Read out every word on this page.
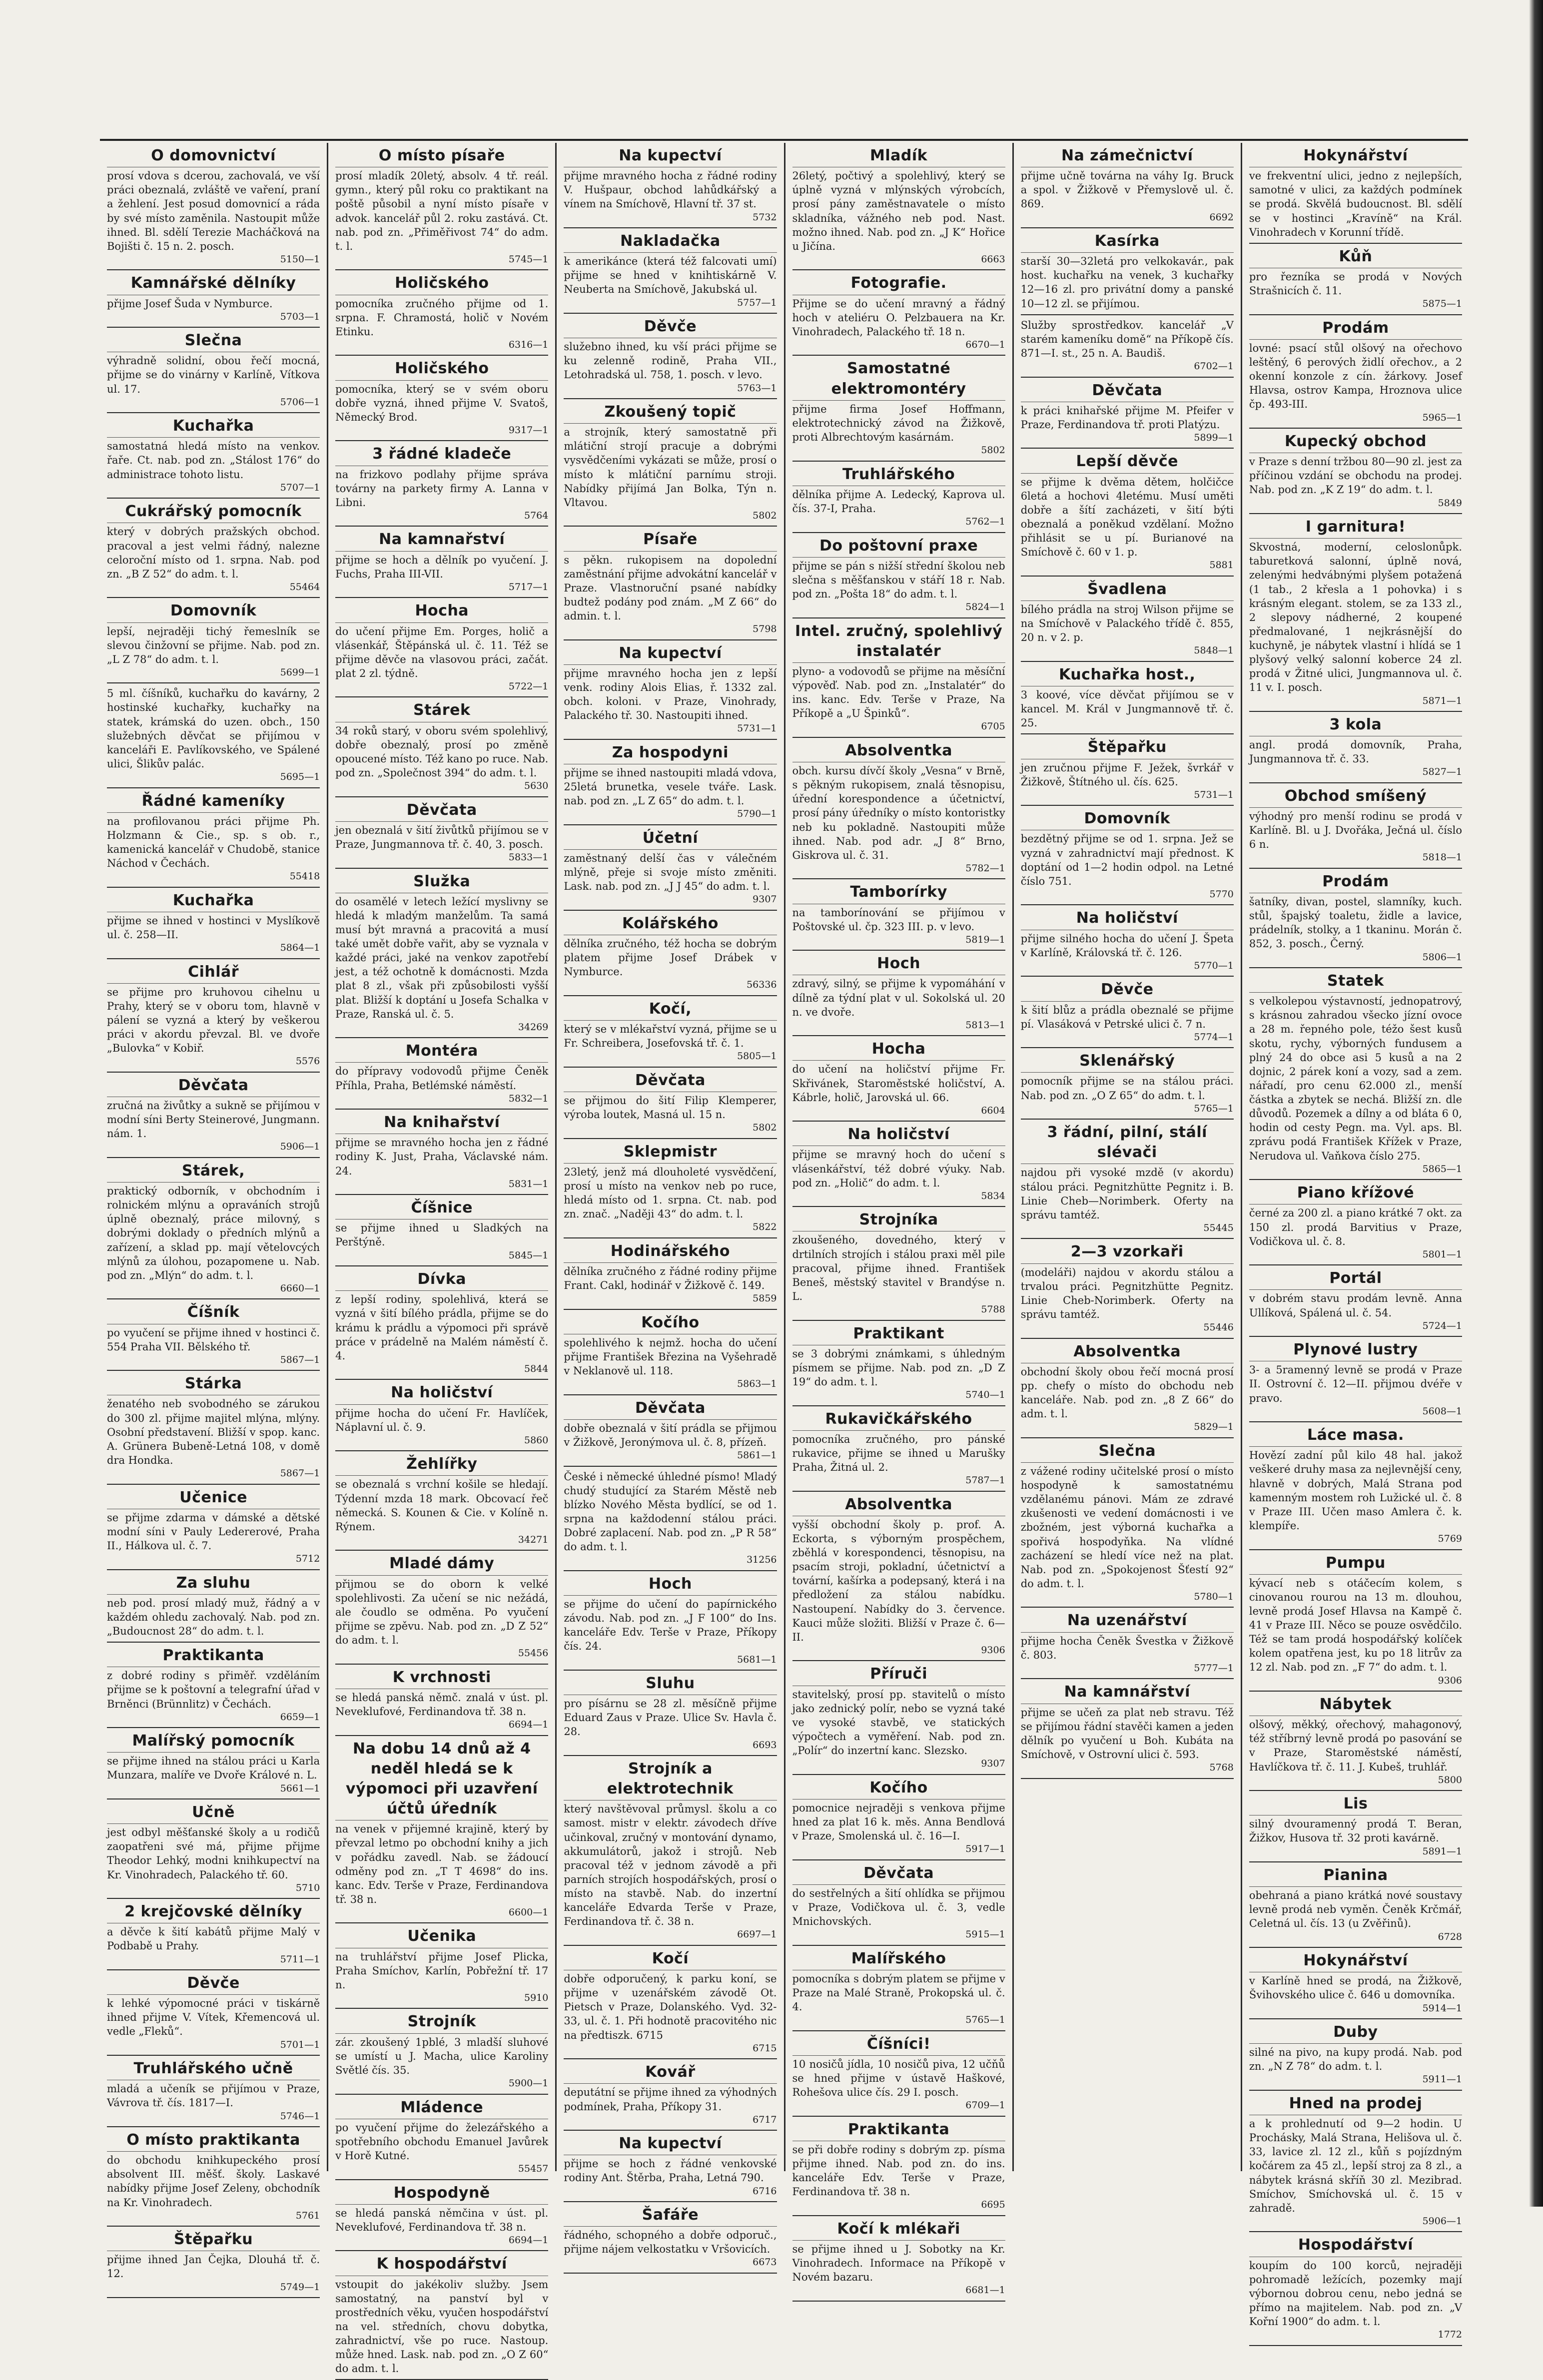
O domovnictví

prosí vdova s dcerou, zachovalá, ve vší práci obeznalá, zvláště ve vaření, praní a žehlení. Jest posud domovnicí a ráda by své místo zaměnila. Nastoupit může ihned. Bl. sdělí Terezie Macháčková na Bojišti č. 15 n. 2. posch.

5150—1
Kamnářské dělníky

přijme Josef Šuda v Nymburce.

5703—1
Slečna

výhradně solidní, obou řečí mocná, přijme se do vinárny v Karlíně, Vítkova ul. 17.

5706—1
Kuchařka

samostatná hledá místo na venkov. řaře. Ct. nab. pod zn. „Stálost 176“ do administrace tohoto listu.

5707—1
Cukrářský pomocník

který v dobrých pražských obchod. pracoval a jest velmi řádný, nalezne celoroční místo od 1. srpna. Nab. pod zn. „B Z 52“ do adm. t. l.

55464
Domovník

lepší, nejraději tichý řemeslník se slevou činžovní se přijme. Nab. pod zn. „L Z 78“ do adm. t. l.

5699—1

5 ml. číšníků, kuchařku do kavárny, 2 hostinské kuchařky, kuchařky na statek, krámská do uzen. obch., 150 služebných děvčat se přijímou v kanceláři E. Pavlíkovského, ve Spálené ulici, Šlikův palác.

5695—1
Řádné kameníky

na profilovanou práci přijme Ph. Holzmann & Cie., sp. s ob. r., kamenická kancelář v Chudobě, stanice Náchod v Čechách.

55418
Kuchařka

přijme se ihned v hostinci v Myslíkově ul. č. 258—II.

5864—1
Cihlář

se přijme pro kruhovou cihelnu u Prahy, který se v oboru tom, hlavně v pálení se vyzná a který by veškerou práci v akordu převzal. Bl. ve dvoře „Bulovka“ v Kobiř.

5576
Děvčata

zručná na živůtky a sukně se přijímou v modní síni Berty Steinerové, Jungmann. nám. 1.

5906—1
Stárek,

praktický odborník, v obchodním i rolnickém mlýnu a opraváních strojů úplně obeznalý, práce milovný, s dobrými doklady o předních mlýnů a zařízení, a sklad pp. mají větelovcých mlýnů za úlohou, pozapomene u. Nab. pod zn. „Mlýn“ do adm. t. l.

6660—1
Číšník

po vyučení se přijme ihned v hostinci č. 554 Praha VII. Bělského tř.

5867—1
Stárka

ženatého neb svobodného se zárukou do 300 zl. přijme majitel mlýna, mlýny. Osobní představení. Bližší v spop. kanc. A. Grünera Bubeně-Letná 108, v domě dra Hondka.

5867—1
Učenice

se přijme zdarma v dámské a dětské modní síni v Pauly Ledererové, Praha II., Hálkova ul. č. 7.

5712
Za sluhu

neb pod. prosí mladý muž, řádný a v každém ohledu zachovalý. Nab. pod zn. „Budoucnost 28“ do adm. t. l.

Praktikanta

z dobré rodiny s přiměř. vzděláním přijme se k poštovní a telegrafní úřad v Brněnci (Brünnlitz) v Čechách.

6659—1
Malířský pomocník

se přijme ihned na stálou práci u Karla Munzara, malíře ve Dvoře Králové n. L.

5661—1
Učně

jest odbyl měšťanské školy a u rodičů zaopatřeni své má, přijme přijme Theodor Lehký, modni knihkupectví na Kr. Vinohradech, Palackého tř. 60.

5710
2 krejčovské dělníky

a děvče k šití kabátů přijme Malý v Podbabě u Prahy.

5711—1
Děvče

k lehké výpomocné práci v tiskárně ihned přijme V. Vítek, Křemencová ul. vedle „Fleků“.

5701—1
Truhlářského učně

mladá a učeník se přijímou v Praze, Vávrova tř. čís. 1817—I.

5746—1
O místo praktikanta

do obchodu knihkupeckého prosí absolvent III. měšť. školy. Laskavé nabídky přijme Josef Zeleny, obchodník na Kr. Vinohradech.

5761
Štěpařku

přijme ihned Jan Čejka, Dlouhá tř. č. 12.

5749—1
O místo písaře

prosí mladík 20letý, absolv. 4 tř. reál. gymn., který půl roku co praktikant na poště působil a nyní místo písaře v advok. kancelář půl 2. roku zastává. Ct. nab. pod zn. „Přiměřivost 74“ do adm. t. l.

5745—1
Holičského

pomocníka zručného přijme od 1. srpna. F. Chramostá, holič v Novém Etinku.

6316—1
Holičského

pomocníka, který se v svém oboru dobře vyzná, ihned přijme V. Svatoš, Německý Brod.

9317—1
3 řádné kladeče

na frizkovo podlahy přijme správa továrny na parkety firmy A. Lanna v Libni.

5764
Na kamnařství

přijme se hoch a dělník po vyučení. J. Fuchs, Praha III-VII.

5717—1
Hocha

do učení přijme Em. Porges, holič a vlásenkář, Štěpánská ul. č. 11. Též se přijme děvče na vlasovou práci, začát. plat 2 zl. týdně.

5722—1
Stárek

34 roků starý, v oboru svém spolehlivý, dobře obeznalý, prosí po změně opoucené místo. Též kano po ruce. Nab. pod zn. „Společnost 394“ do adm. t. l.

5630
Děvčata

jen obeznalá v šití živůtků přijímou se v Praze, Jungmannova tř. č. 40, 3. posch.

5833—1
Služka

do osamělé v letech ležící myslivny se hledá k mladým manželům. Ta samá musí být mravná a pracovitá a musí také umět dobře vařit, aby se vyznala v každé práci, jaké na venkov zapotřebí jest, a též ochotně k domácnosti. Mzda plat 8 zl., však při způsobilosti vyšší plat. Bližší k doptání u Josefa Schalka v Praze, Ranská ul. č. 5.

34269
Montéra

do přípravy vodovodů přijme Čeněk Příhla, Praha, Betlémské náměstí.

5832—1
Na knihařství

přijme se mravného hocha jen z řádné rodiny K. Just, Praha, Václavské nám. 24.

5831—1
Číšnice

se přijme ihned u Sladkých na Perštýně.

5845—1
Dívka

z lepší rodiny, spolehlivá, která se vyzná v šití bílého prádla, přijme se do krámu k prádlu a výpomoci při správě práce v prádelně na Malém náměstí č. 4.

5844
Na holičství

přijme hocha do učení Fr. Havlíček, Náplavní ul. č. 9.

5860
Žehlířky

se obeznalá s vrchní košile se hledají. Týdenní mzda 18 mark. Obcovací řeč německá. S. Kounen & Cie. v Kolíně n. Rýnem.

34271
Mladé dámy

přijmou se do oborn k velké spolehlivosti. Za učení se nic nežádá, ale čoudlo se odměna. Po vyučení přijme se zpěvu. Nab. pod zn. „D Z 52“ do adm. t. l.

55456
K vrchnosti

se hledá panská němč. znalá v úst. pl. Neveklufové, Ferdinandova tř. 38 n.

6694—1
Na dobu 14 dnů až 4 neděl hledá se k výpomoci při uzavření účtů úředník

na venek v přijemné krajině, který by převzal letmo po obchodní knihy a jich v pořádku zavedl. Nab. se žádoucí odměny pod zn. „T T 4698“ do ins. kanc. Edv. Terše v Praze, Ferdinandova tř. 38 n.

6600—1
Učenika

na truhlářství přijme Josef Plicka, Praha Smíchov, Karlín, Pobřežní tř. 17 n.

5910
Strojník

zár. zkoušený 1pblé, 3 mladší sluhové se umístí u J. Macha, ulice Karoliny Světlé čís. 35.

5900—1
Mládence

po vyučení přijme do železářského a spotřebního obchodu Emanuel Javůrek v Horě Kutné.

55457
Hospodyně

se hledá panská němčina v úst. pl. Neveklufové, Ferdinandova tř. 38 n.

6694—1
K hospodářství

vstoupit do jakékoliv služby. Jsem samostatný, na panství byl v prostředních věku, vyučen hospodářství na vel. středních, chovu dobytka, zahradnictví, vše po ruce. Nastoup. může hned. Lask. nab. pod zn. „O Z 60“ do adm. t. l.

Na kupectví

přijme mravného hocha z řádné rodiny V. Hušpaur, obchod lahůdkářský a vínem na Smíchově, Hlavní tř. 37 st.

5732
Nakladačka

k amerikánce (která též falcovati umí) přijme se hned v knihtiskárně V. Neuberta na Smíchově, Jakubská ul.

5757—1
Děvče

služebno ihned, ku vší práci přijme se ku zelenně rodině, Praha VII., Letohradská ul. 758, 1. posch. v levo.

5763—1
Zkoušený topič

a strojník, který samostatně při mlátiční strojí pracuje a dobrými vysvědčeními vykázati se může, prosí o místo k mlátiční parnímu stroji. Nabídky přijímá Jan Bolka, Týn n. Vltavou.

5802
Písaře

s pěkn. rukopisem na dopolední zaměstnání přijme advokátní kancelář v Praze. Vlastnoruční psané nabídky budtež podány pod znám. „M Z 66“ do admin. t. l.

5798
Na kupectví

přijme mravného hocha jen z lepší venk. rodiny Alois Elias, ř. 1332 zal. obch. koloni. v Praze, Vinohrady, Palackého tř. 30. Nastoupiti ihned.

5731—1
Za hospodyni

přijme se ihned nastoupiti mladá vdova, 25letá brunetka, vesele tváře. Lask. nab. pod zn. „L Z 65“ do adm. t. l.

5790—1
Účetní

zaměstnaný delší čas v válečném mlýně, přeje si svoje místo změniti. Lask. nab. pod zn. „J J 45“ do adm. t. l.

9307
Kolářského

dělníka zručného, též hocha se dobrým platem přijme Josef Drábek v Nymburce.

56336
Kočí,

který se v mlékařství vyzná, přijme se u Fr. Schreibera, Josefovská tř. č. 1.

5805—1
Děvčata

se přijmou do šití Filip Klemperer, výroba loutek, Masná ul. 15 n.

5802
Sklepmistr

23letý, jenž má dlouholeté vysvědčení, prosí u místo na venkov neb po ruce, hledá místo od 1. srpna. Ct. nab. pod zn. znač. „Naději 43“ do adm. t. l.

5822
Hodinářského

dělníka zručného z řádné rodiny přijme Frant. Cakl, hodinář v Žižkově č. 149.

5859
Kočího

spolehlivého k nejmž. hocha do učení přijme František Březina na Vyšehradě v Neklanově ul. 118.

5863—1
Děvčata

dobře obeznalá v šití prádla se přijmou v Žižkově, Jeronýmova ul. č. 8, přízeň.

5861—1

České i německé úhledné písmo! Mladý chudý studující za Starém Městě neb blízko Nového Města bydlící, se od 1. srpna na každodenní stálou práci. Dobré zaplacení. Nab. pod zn. „P R 58“ do adm. t. l.

31256
Hoch

se přijme do učení do papírnického závodu. Nab. pod zn. „J F 100“ do Ins. kanceláře Edv. Terše v Praze, Příkopy čís. 24.

5681—1
Sluhu

pro písárnu se 28 zl. měsíčně přijme Eduard Zaus v Praze. Ulice Sv. Havla č. 28.

6693
Strojník a elektrotechnik

který navštěvoval průmysl. školu a co samost. mistr v elektr. závodech dříve učinkoval, zručný v montování dynamo, akkumulátorů, jakož i strojů. Neb pracoval též v jednom závodě a při parních strojích hospodářských, prosí o místo na stavbě. Nab. do inzertní kanceláře Edvarda Terše v Praze, Ferdinandova tř. č. 38 n.

6697—1
Kočí

dobře odporučený, k parku koní, se přijme v uzenářském závodě Ot. Pietsch v Praze, Dolanského. Vyd. 32-33, ul. č. 1. Při hodnotě pracovitého nic na předtiszk. 6715

6715
Kovář

deputátní se přijme ihned za výhodných podmínek, Praha, Příkopy 31.

6717
Na kupectví

přijme se hoch z řádné venkovské rodiny Ant. Štěrba, Praha, Letná 790.

6716
Šafáře

řádného, schopného a dobře odporuč., přijme nájem velkostatku v Vršovicích.

6673
Mladík

26letý, počtivý a spolehlivý, který se úplně vyzná v mlýnských výrobcích, prosí pány zaměstnavatele o místo skladníka, vážného neb pod. Nast. možno ihned. Nab. pod zn. „J K“ Hořice u Jičína.

6663
Fotografie.

Přijme se do učení mravný a řádný hoch v ateliéru O. Pelzbauera na Kr. Vinohradech, Palackého tř. 18 n.

6670—1
Samostatné elektromontéry

přijme firma Josef Hoffmann, elektrotechnický závod na Žižkově, proti Albrechtovým kasárnám.

5802
Truhlářského

dělníka přijme A. Ledecký, Kaprova ul. čís. 37-I, Praha.

5762—1
Do poštovní praxe

přijme se pán s nižší střední školou neb slečna s měšťanskou v stáří 18 r. Nab. pod zn. „Pošta 18“ do adm. t. l.

5824—1
Intel. zručný, spolehlivý instalatér

plyno- a vodovodů se přijme na měsíční výpověď. Nab. pod zn. „Instalatér“ do ins. kanc. Edv. Terše v Praze, Na Příkopě a „U Špinků“.

6705
Absolventka

obch. kursu dívčí školy „Vesna“ v Brně, s pěkným rukopisem, znalá těsnopisu, úřední korespondence a účetnictví, prosí pány úředníky o místo kontoristky neb ku pokladně. Nastoupiti může ihned. Nab. pod adr. „J 8“ Brno, Giskrova ul. č. 31.

5782—1
Tamborírky

na tamborínování se přijímou v Poštovské ul. čp. 323 III. p. v levo.

5819—1
Hoch

zdravý, silný, se přijme k vypomáhání v dílně za týdní plat v ul. Sokolská ul. 20 n. ve dvoře.

5813—1
Hocha

do učení na holičství přijme Fr. Skřivánek, Staroměstské holičství, A. Kábrle, holič, Jarovská ul. 66.

6604
Na holičství

přijme se mravný hoch do učení s vlásenkářství, též dobré výuky. Nab. pod zn. „Holič“ do adm. t. l.

5834
Strojníka

zkoušeného, dovedného, který v drtilních strojích i stálou praxi měl pile pracoval, přijme ihned. František Beneš, městský stavitel v Brandýse n. L.

5788
Praktikant

se 3 dobrými známkami, s úhledným písmem se přijme. Nab. pod zn. „D Z 19“ do adm. t. l.

5740—1
Rukavičkářského

pomocníka zručného, pro pánské rukavice, přijme se ihned u Marušky Praha, Žitná ul. 2.

5787—1
Absolventka

vyšší obchodní školy p. prof. A. Eckorta, s výborným prospěchem, zběhlá v korespondenci, těsnopisu, na psacím stroji, pokladní, účetnictví a tovární, kašírka a podepsaný, která i na předložení za stálou nabídku. Nastoupení. Nabídky do 3. července. Kauci může složiti. Bližší v Praze č. 6—II.

9306
Příruči

stavitelský, prosí pp. stavitelů o místo jako zednický polír, nebo se vyzná také ve vysoké stavbě, ve statických výpočtech a vyměření. Nab. pod zn. „Polír“ do inzertní kanc. Slezsko.

9307
Kočího

pomocnice nejraději s venkova přijme hned za plat 16 k. měs. Anna Bendlová v Praze, Smolenská ul. č. 16—I.

5917—1
Děvčata

do sestřelných a šití ohlídka se přijmou v Praze, Vodičkova ul. č. 3, vedle Mnichovských.

5915—1
Malířského

pomocníka s dobrým platem se přijme v Praze na Malé Straně, Prokopská ul. č. 4.

5765—1
Číšníci!

10 nosičů jídla, 10 nosičů piva, 12 učňů se hned přijme v ústavě Haškové, Rohešova ulice čís. 29 I. posch.

6709—1
Praktikanta

se při dobře rodiny s dobrým zp. písma přijme ihned. Nab. pod zn. do ins. kanceláře Edv. Terše v Praze, Ferdinandova tř. 38 n.

6695
Kočí k mlékaři

se přijme ihned u J. Sobotky na Kr. Vinohradech. Informace na Příkopě v Novém bazaru.

6681—1
Na zámečnictví

přijme učně továrna na váhy Ig. Bruck a spol. v Žižkově v Přemyslově ul. č. 869.

6692
Kasírka

starší 30—32letá pro velkokavár., pak host. kuchařku na venek, 3 kuchařky 12—16 zl. pro privátní domy a panské 10—12 zl. se přijímou.

Služby sprostředkov. kancelář „V starém kameníku domě“ na Příkopě čís. 871—I. st., 25 n. A. Baudiš.

6702—1
Děvčata

k práci knihařské přijme M. Pfeifer v Praze, Ferdinandova tř. proti Platýzu.

5899—1
Lepší děvče

se přijme k dvěma dětem, holčičce 6letá a hochovi 4letému. Musí uměti dobře a šítí zacházeti, v šití býti obeznalá a poněkud vzdělaní. Možno přihlásit se u pí. Burianové na Smíchově č. 60 v 1. p.

5881
Švadlena

bílého prádla na stroj Wilson přijme se na Smíchově v Palackého třídě č. 855, 20 n. v 2. p.

5848—1
Kuchařka host.,

3 koové, více děvčat přijímou se v kancel. M. Král v Jungmannově tř. č. 25.

Štěpařku

jen zručnou přijme F. Ježek, švrkář v Žižkově, Štítného ul. čís. 625.

5731—1
Domovník

bezdětný přijme se od 1. srpna. Jež se vyzná v zahradnictví mají přednost. K doptání od 1—2 hodin odpol. na Letné číslo 751.

5770
Na holičství

přijme silného hocha do učení J. Špeta v Karlíně, Královská tř. č. 126.

5770—1
Děvče

k šití blůz a prádla obeznalé se přijme pí. Vlasáková v Petrské ulici č. 7 n.

5774—1
Sklenářský

pomocník přijme se na stálou práci. Nab. pod zn. „O Z 65“ do adm. t. l.

5765—1
3 řádní, pilní, stálí slévači

najdou při vysoké mzdě (v akordu) stálou práci. Pegnitzhütte Pegnitz i. B. Linie Cheb—Norimberk. Oferty na správu tamtéž.

55445
2—3 vzorkaři

(modeláři) najdou v akordu stálou a trvalou práci. Pegnitzhütte Pegnitz. Linie Cheb-Norimberk. Oferty na správu tamtéž.

55446
Absolventka

obchodní školy obou řečí mocná prosí pp. chefy o místo do obchodu neb kanceláře. Nab. pod zn. „8 Z 66“ do adm. t. l.

5829—1
Slečna

z vážené rodiny učitelské prosí o místo hospodyně k samostatnému vzdělanému pánovi. Mám ze zdravé zkušenosti ve vedení domácnosti i ve zbožném, jest výborná kuchařka a spořivá hospodyňka. Na vlídné zacházení se hledí více než na plat. Nab. pod zn. „Spokojenost Šťestí 92“ do adm. t. l.

5780—1
Na uzenářství

přijme hocha Čeněk Švestka v Žižkově č. 803.

5777—1
Na kamnářství

přijme se učeň za plat neb stravu. Též se přijímou řádní stavěči kamen a jeden dělník po vyučení u Boh. Kubáta na Smíchově, v Ostrovní ulici č. 593.

5768
Hokynářství

ve frekventní ulici, jedno z nejlepších, samotné v ulici, za každých podmínek se prodá. Skvělá budoucnost. Bl. sdělí se v hostinci „Kravíně“ na Král. Vinohradech v Korunní třídě.

Kůň

pro řezníka se prodá v Nových Strašnicích č. 11.

5875—1
Prodám

lovné: psací stůl olšový na ořechovo leštěný, 6 perových židlí ořechov., a 2 okenní konzole z cín. žárkovy. Josef Hlavsa, ostrov Kampa, Hroznova ulice čp. 493-III.

5965—1
Kupecký obchod

v Praze s denní tržbou 80—90 zl. jest za příčinou vzdání se obchodu na prodej. Nab. pod zn. „K Z 19“ do adm. t. l.

5849
I garnitura!

Skvostná, moderní, celoslonůpk. taburetková salonní, úplně nová, zelenými hedvábnými plyšem potažená (1 tab., 2 křesla a 1 pohovka) i s krásným elegant. stolem, se za 133 zl., 2 slepovy nádherné, 2 koupené předmalované, 1 nejkrásnější do kuchyně, je nábytek vlastní i hlídá se 1 plyšový velký salonní koberce 24 zl. prodá v Žitné ulici, Jungmannova ul. č. 11 v. I. posch.

5871—1
3 kola

angl. prodá domovník, Praha, Jungmannova tř. č. 33.

5827—1
Obchod smíšený

výhodný pro menší rodinu se prodá v Karlíně. Bl. u J. Dvořáka, Ječná ul. číslo 6 n.

5818—1
Prodám

šatníky, divan, postel, slamníky, kuch. stůl, špajský toaletu, židle a lavice, prádelník, stolky, a 1 tkaninu. Morán č. 852, 3. posch., Černý.

5806—1
Statek

s velkolepou výstavností, jednopatrový, s krásnou zahradou všecko jízní ovoce a 28 m. řepného pole, téžo šest kusů skotu, rychy, výborných fundusem a plný 24 do obce asi 5 kusů a na 2 dojnic, 2 párek koní a vozy, sad a zem. nářadí, pro cenu 62.000 zl., menší částka a zbytek se nechá. Bližší zn. dle důvodů. Pozemek a dílny a od bláta 6 0, hodin od cesty Pegn. ma. Vyl. aps. Bl. zprávu podá František Křížek v Praze, Nerudova ul. Vaňkova číslo 275.

5865—1
Piano křížové

černé za 200 zl. a piano krátké 7 okt. za 150 zl. prodá Barvitius v Praze, Vodičkova ul. č. 8.

5801—1
Portál

v dobrém stavu prodám levně. Anna Ullíková, Spálená ul. č. 54.

5724—1
Plynové lustry

3- a 5ramenný levně se prodá v Praze II. Ostrovní č. 12—II. přijmou dvéře v pravo.

5608—1
Láce masa.

Hovězí zadní půl kilo 48 hal. jakož veškeré druhy masa za nejlevnější ceny, hlavně v dobrých, Malá Strana pod kamenným mostem roh Lužické ul. č. 8 v Praze III. Učen maso Amlera č. k. klempíře.

5769
Pumpu

kývací neb s otáčecím kolem, s cinovanou rourou na 13 m. dlouhou, levně prodá Josef Hlavsa na Kampě č. 41 v Praze III. Něco se pouze osvědčilo. Též se tam prodá hospodářský kolíček kolem opatřena jest, ku po 18 litrův za 12 zl. Nab. pod zn. „F 7“ do adm. t. l.

9306
Nábytek

olšový, měkký, ořechový, mahagonový, též stříbrný levně prodá po pasování se v Praze, Staroměstské náměstí, Havlíčkova tř. č. 11. J. Kubeš, truhlář.

5800
Lis

silný dvouramenný prodá T. Beran, Žižkov, Husova tř. 32 proti kavárně.

5891—1
Pianina

obehraná a piano krátká nové soustavy levně prodá neb vyměn. Čeněk Krčmář, Celetná ul. čís. 13 (u Zvěřinů).

6728
Hokynářství

v Karlíně hned se prodá, na Žižkově, Švihovského ulice č. 646 u domovníka.

5914—1
Duby

silné na pivo, na kupy prodá. Nab. pod zn. „N Z 78“ do adm. t. l.

5911—1
Hned na prodej

a k prohlednutí od 9—2 hodin. U Prochásky, Malá Strana, Helišova ul. č. 33, lavice zl. 12 zl., kůň s pojízdným kočárem za 45 zl., lepší stroj za 8 zl., a nábytek krásná skříň 30 zl. Mezibrad. Smíchov, Smíchovská ul. č. 15 v zahradě.

5906—1
Hospodářství

koupím do 100 korců, nejraději pohromadě ležících, pozemky mají výbornou dobrou cenu, nebo jedná se přímo na majitelem. Nab. pod zn. „V Kořní 1900“ do adm. t. l.

1772
